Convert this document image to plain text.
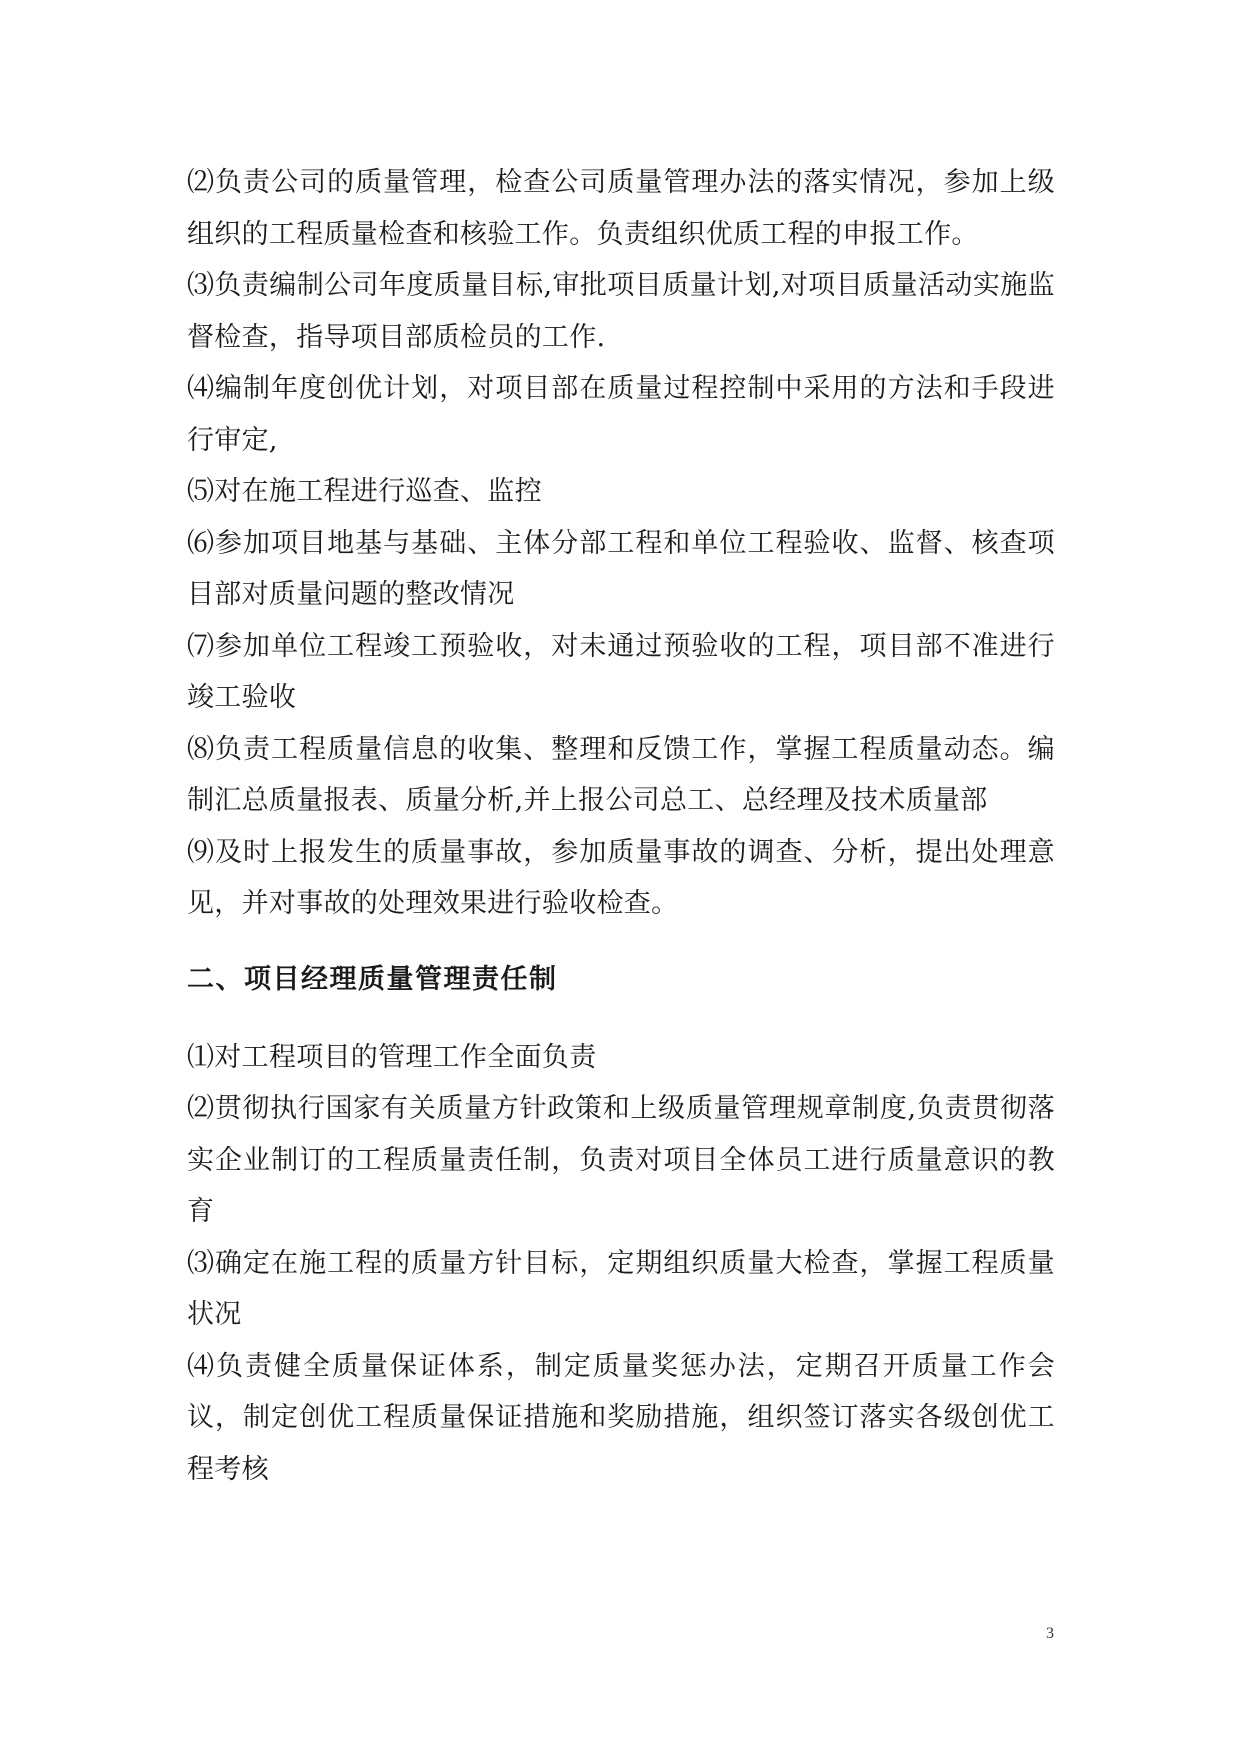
⑵负责公司的质量管理，检查公司质量管理办法的落实情况，参加上级组织的工程质量检查和核验工作。负责组织优质工程的申报工作。

⑶负责编制公司年度质量目标,审批项目质量计划,对项目质量活动实施监督检查，指导项目部质检员的工作.

⑷编制年度创优计划，对项目部在质量过程控制中采用的方法和手段进行审定,

⑸对在施工程进行巡查、监控

⑹参加项目地基与基础、主体分部工程和单位工程验收、监督、核查项目部对质量问题的整改情况

⑺参加单位工程竣工预验收，对未通过预验收的工程，项目部不准进行竣工验收

⑻负责工程质量信息的收集、整理和反馈工作，掌握工程质量动态。编制汇总质量报表、质量分析,并上报公司总工、总经理及技术质量部

⑼及时上报发生的质量事故，参加质量事故的调查、分析，提出处理意见，并对事故的处理效果进行验收检查。

二、项目经理质量管理责任制

⑴对工程项目的管理工作全面负责

⑵贯彻执行国家有关质量方针政策和上级质量管理规章制度,负责贯彻落实企业制订的工程质量责任制，负责对项目全体员工进行质量意识的教育

⑶确定在施工程的质量方针目标，定期组织质量大检查，掌握工程质量状况

⑷负责健全质量保证体系，制定质量奖惩办法，定期召开质量工作会议，制定创优工程质量保证措施和奖励措施，组织签订落实各级创优工程考核

3
